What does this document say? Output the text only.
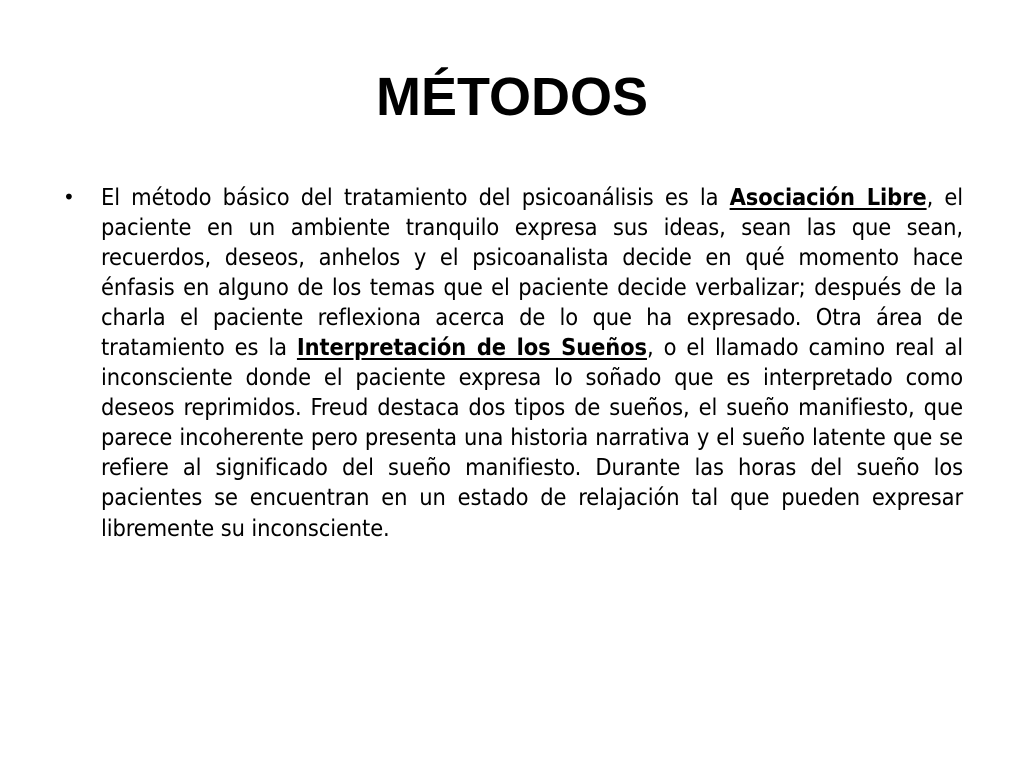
MÉTODOS
• El método básico del tratamiento del psicoanálisis es la Asociación Libre, el paciente en un ambiente tranquilo expresa sus ideas, sean las que sean, recuerdos, deseos, anhelos y el psicoanalista decide en qué momento hace énfasis en alguno de los temas que el paciente decide verbalizar; después de la charla el paciente reflexiona acerca de lo que ha expresado. Otra área de tratamiento es la Interpretación de los Sueños, o el llamado camino real al inconsciente donde el paciente expresa lo soñado que es interpretado como deseos reprimidos. Freud destaca dos tipos de sueños, el sueño manifiesto, que parece incoherente pero presenta una historia narrativa y el sueño latente que se refiere al significado del sueño manifiesto. Durante las horas del sueño los pacientes se encuentran en un estado de relajación tal que pueden expresar libremente su inconsciente.
